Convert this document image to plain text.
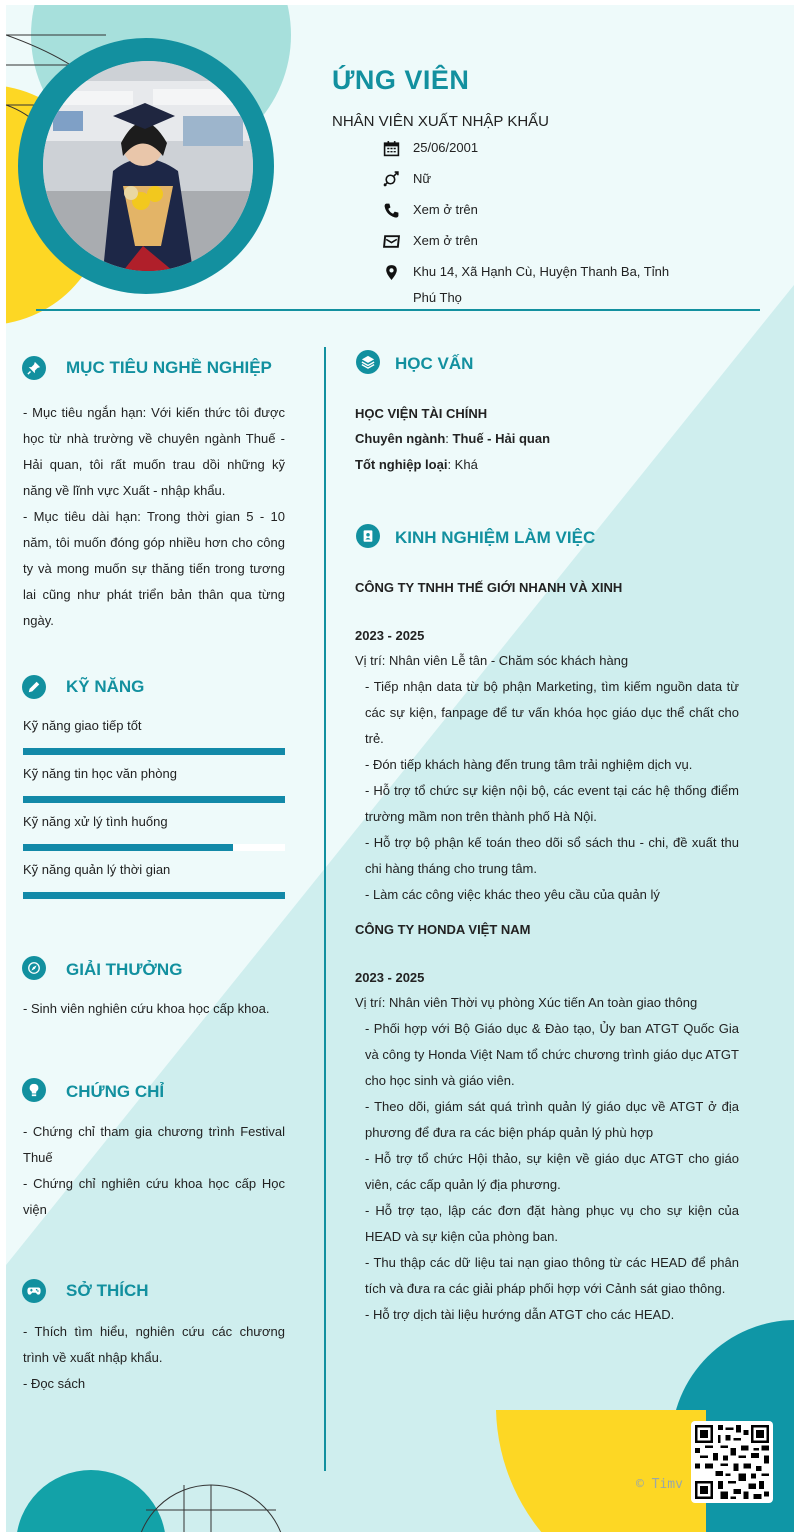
ỨNG VIÊN
NHÂN VIÊN XUẤT NHẬP KHẨU
25/06/2001
Nữ
Xem ở trên
Xem ở trên
Khu 14, Xã Hạnh Cù, Huyện Thanh Ba, Tỉnh Phú Thọ
MỤC TIÊU NGHỀ NGHIỆP
- Mục tiêu ngắn hạn: Với kiến thức tôi được học từ nhà trường về chuyên ngành Thuế - Hải quan, tôi rất muốn trau dồi những kỹ năng về lĩnh vực Xuất - nhập khẩu.
- Mục tiêu dài hạn: Trong thời gian 5 - 10 năm, tôi muốn đóng góp nhiều hơn cho công ty và mong muốn sự thăng tiến trong tương lai cũng như phát triển bản thân qua từng ngày.
KỸ NĂNG
Kỹ năng giao tiếp tốt
Kỹ năng tin học văn phòng
Kỹ năng xử lý tình huống
Kỹ năng quản lý thời gian
GIẢI THƯỞNG
- Sinh viên nghiên cứu khoa học cấp khoa.
CHỨNG CHỈ
- Chứng chỉ tham gia chương trình Festival Thuế
- Chứng chỉ nghiên cứu khoa học cấp Học viện
SỞ THÍCH
- Thích tìm hiểu, nghiên cứu các chương trình về xuất nhập khẩu.
- Đọc sách
HỌC VẤN
HỌC VIỆN TÀI CHÍNH
Chuyên ngành: Thuế - Hải quan
Tốt nghiệp loại: Khá
KINH NGHIỆM LÀM VIỆC
CÔNG TY TNHH THẾ GIỚI NHANH VÀ XINH
2023 - 2025
Vị trí: Nhân viên Lễ tân - Chăm sóc khách hàng
- Tiếp nhận data từ bộ phận Marketing, tìm kiếm nguồn data từ các sự kiện, fanpage để tư vấn khóa học giáo dục thể chất cho trẻ.
- Đón tiếp khách hàng đến trung tâm trải nghiệm dịch vụ.
- Hỗ trợ tổ chức sự kiện nội bộ, các event tại các hệ thống điểm trường mầm non trên thành phố Hà Nội.
- Hỗ trợ bộ phận kế toán theo dõi sổ sách thu - chi, đề xuất thu chi hàng tháng cho trung tâm.
- Làm các công việc khác theo yêu cầu của quản lý
CÔNG TY HONDA VIỆT NAM
2023 - 2025
Vị trí: Nhân viên Thời vụ phòng Xúc tiến An toàn giao thông
- Phối hợp với Bộ Giáo dục & Đào tạo, Ủy ban ATGT Quốc Gia và công ty Honda Việt Nam tổ chức chương trình giáo dục ATGT cho học sinh và giáo viên.
- Theo dõi, giám sát quá trình quản lý giáo dục về ATGT ở địa phương để đưa ra các biện pháp quản lý phù hợp
- Hỗ trợ tổ chức Hội thảo, sự kiện về giáo dục ATGT cho giáo viên, các cấp quản lý địa phương.
- Hỗ trợ tạo, lập các đơn đặt hàng phục vụ cho sự kiện của HEAD và sự kiện của phòng ban.
- Thu thập các dữ liệu tai nạn giao thông từ các HEAD để phân tích và đưa ra các giải pháp phối hợp với Cảnh sát giao thông.
- Hỗ trợ dịch tài liệu hướng dẫn ATGT cho các HEAD.
© Timv
